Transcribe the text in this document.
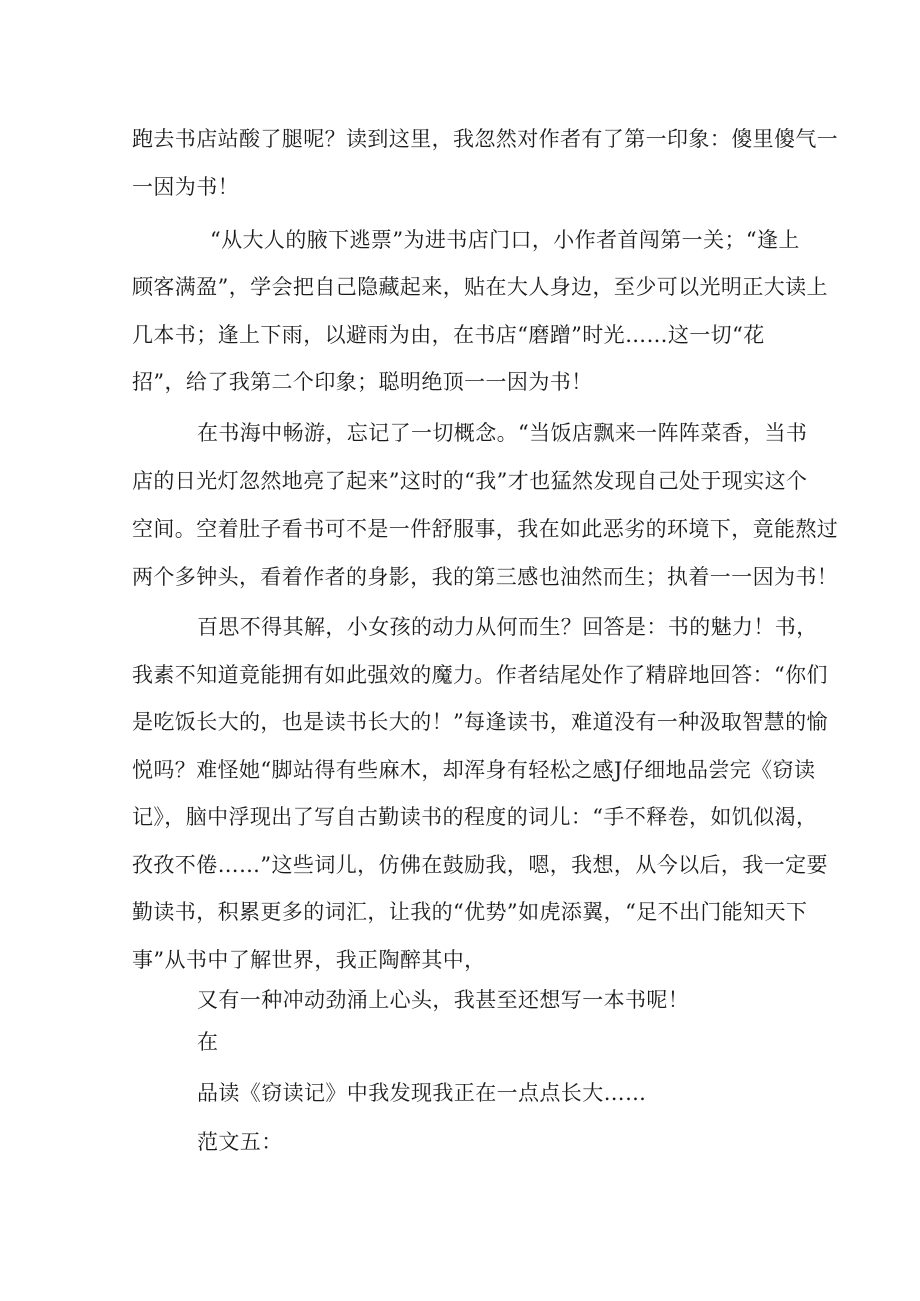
跑去书店站酸了腿呢？读到这里，我忽然对作者有了第一印象：傻里傻气一
一因为书！
“从大人的腋下逃票”为进书店门口，小作者首闯第一关；“逢上
顾客满盈”，学会把自己隐藏起来，贴在大人身边，至少可以光明正大读上
几本书；逢上下雨，以避雨为由，在书店“磨蹭”时光……这一切“花
招”，给了我第二个印象；聪明绝顶一一因为书！
在书海中畅游，忘记了一切概念。“当饭店飘来一阵阵菜香，当书
店的日光灯忽然地亮了起来”这时的“我”才也猛然发现自己处于现实这个
空间。空着肚子看书可不是一件舒服事，我在如此恶劣的环境下，竟能熬过
两个多钟头，看着作者的身影，我的第三感也油然而生；执着一一因为书！
百思不得其解，小女孩的动力从何而生？回答是：书的魅力！书，
我素不知道竟能拥有如此强效的魔力。作者结尾处作了精辟地回答：“你们
是吃饭长大的，也是读书长大的！”每逢读书，难道没有一种汲取智慧的愉
悦吗？难怪她“脚站得有些麻木，却浑身有轻松之感J仔细地品尝完《窃读
记》，脑中浮现出了写自古勤读书的程度的词儿：“手不释卷，如饥似渴，
孜孜不倦……”这些词儿，仿佛在鼓励我，嗯，我想，从今以后，我一定要
勤读书，积累更多的词汇，让我的“优势”如虎添翼，“足不出门能知天下
事”从书中了解世界，我正陶醉其中，
又有一种冲动劲涌上心头，我甚至还想写一本书呢！
在
品读《窃读记》中我发现我正在一点点长大……
范文五：
